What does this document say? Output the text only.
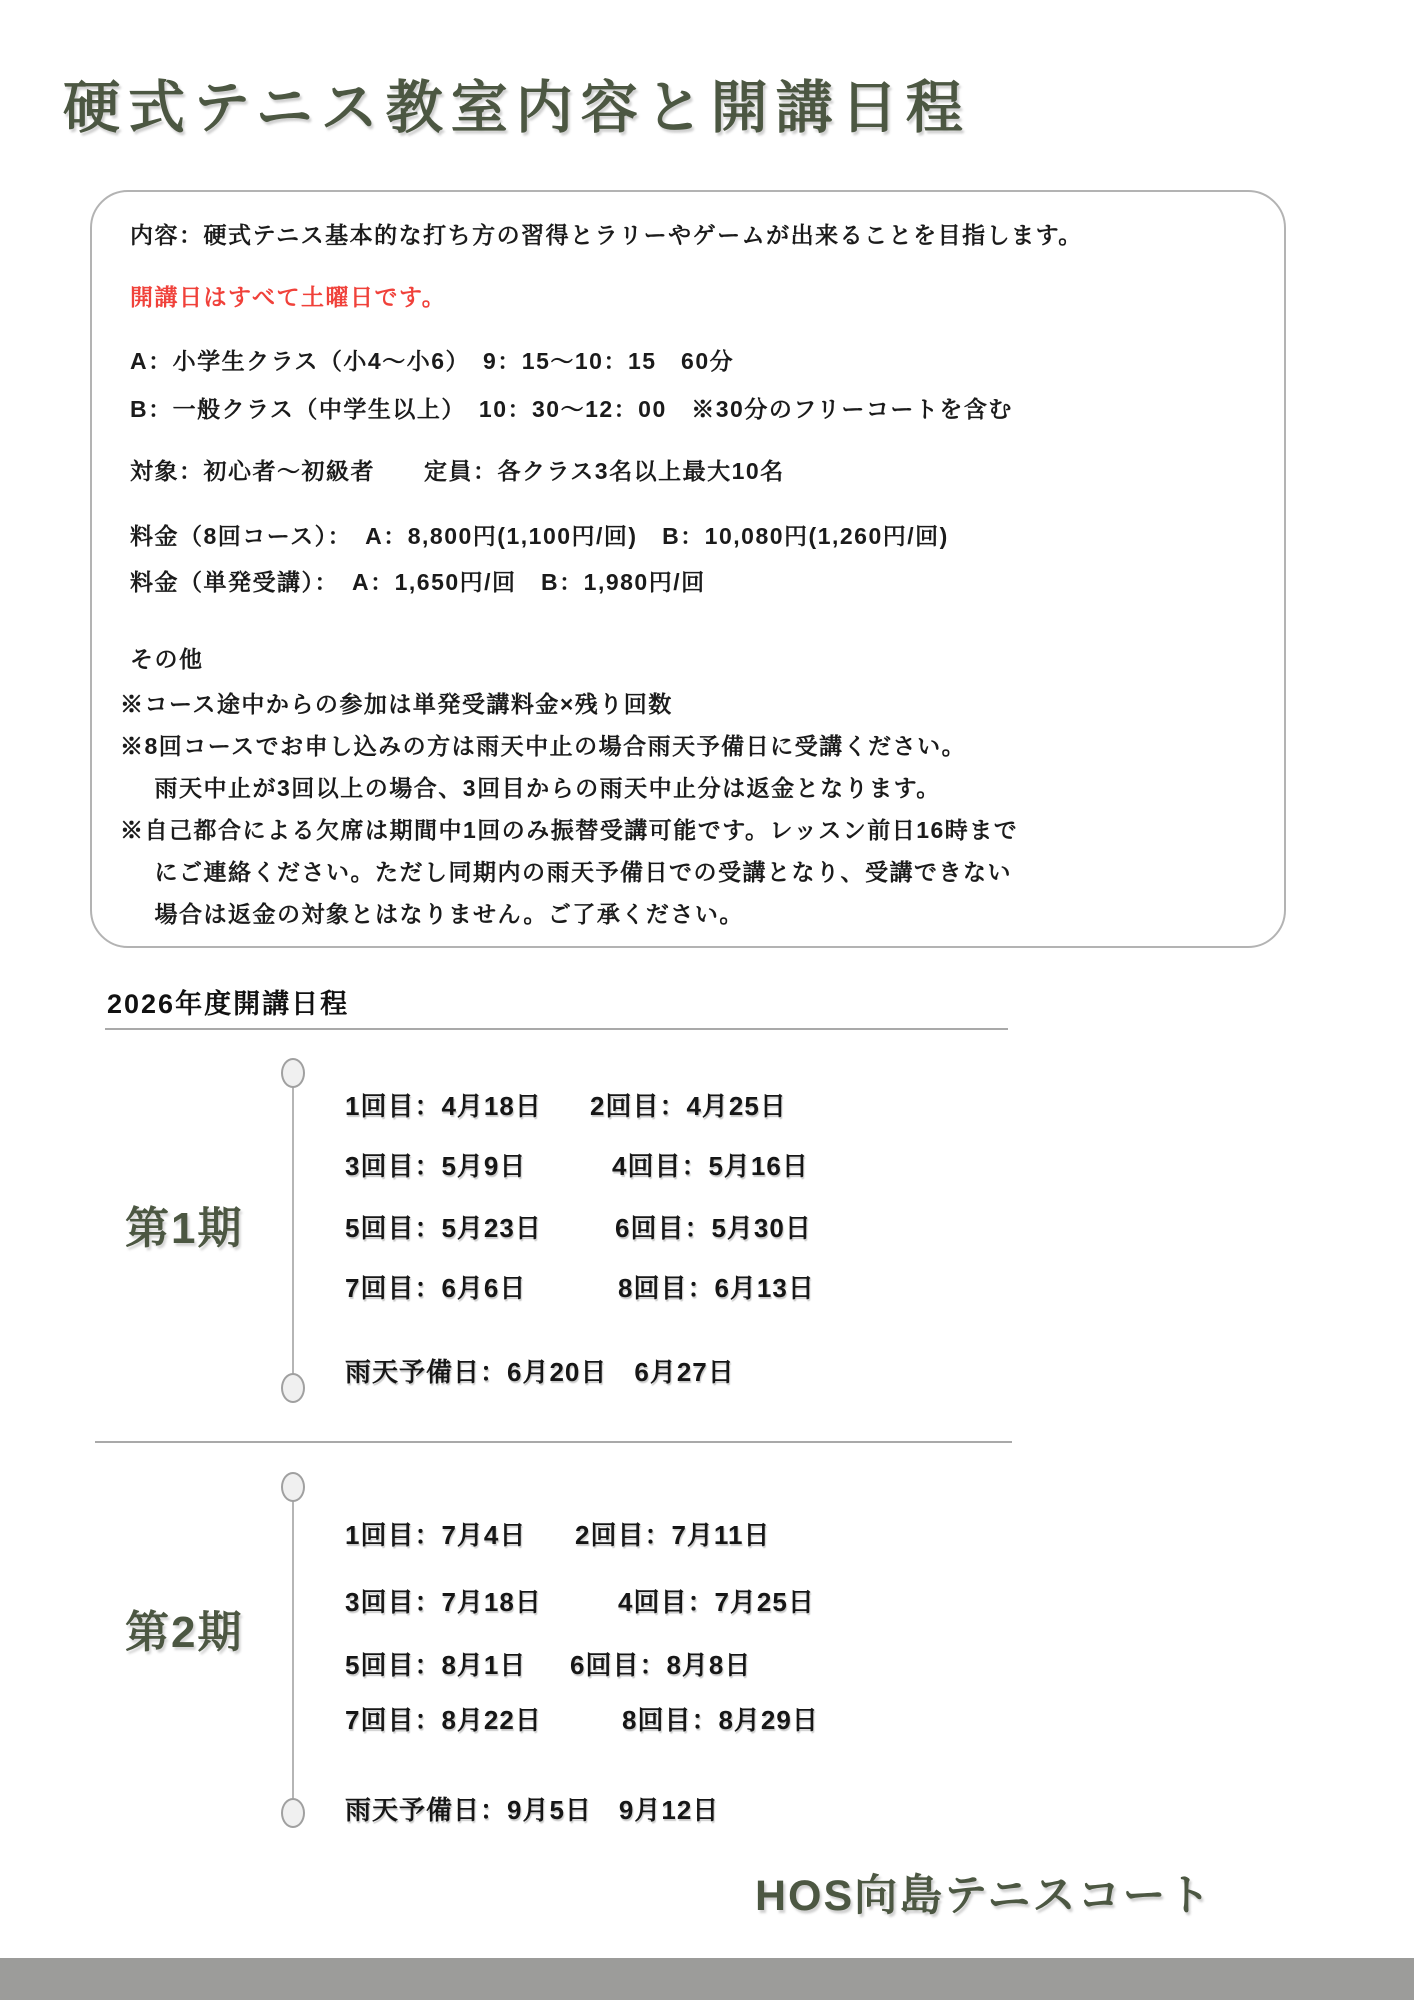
硬式テニス教室内容と開講日程

内容：硬式テニス基本的な打ち方の習得とラリーやゲームが出来ることを目指します。

開講日はすべて土曜日です。

A：小学生クラス（小4～小6）　9：15～10：15　60分

B：一般クラス（中学生以上）　10：30～12：00　※30分のフリーコートを含む

対象：初心者～初級者　　定員：各クラス3名以上最大10名

料金（8回コース）：　A：8,800円(1,100円/回)　B：10,080円(1,260円/回)

料金（単発受講）：　A：1,650円/回　B：1,980円/回

その他

※コース途中からの参加は単発受講料金×残り回数

※8回コースでお申し込みの方は雨天中止の場合雨天予備日に受講ください。

　雨天中止が3回以上の場合、3回目からの雨天中止分は返金となります。

※自己都合による欠席は期間中1回のみ振替受講可能です。レッスン前日16時まで

　にご連絡ください。ただし同期内の雨天予備日での受講となり、受講できない

　場合は返金の対象とはなりません。ご了承ください。

2026年度開講日程
第1期
1回目：4月18日 2回目：4月25日
3回目：5月9日	4回目：5月16日
5回目：5月23日	6回目：5月30日
7回目：6月6日	8回目：6月13日
雨天予備日：6月20日　6月27日
第2期
1回目：7月4日 2回目：7月11日
3回目：7月18日	4回目：7月25日
5回目：8月1日 6回目：8月8日
7回目：8月22日	8回目：8月29日
雨天予備日：9月5日　9月12日
HOS向島テニスコート
